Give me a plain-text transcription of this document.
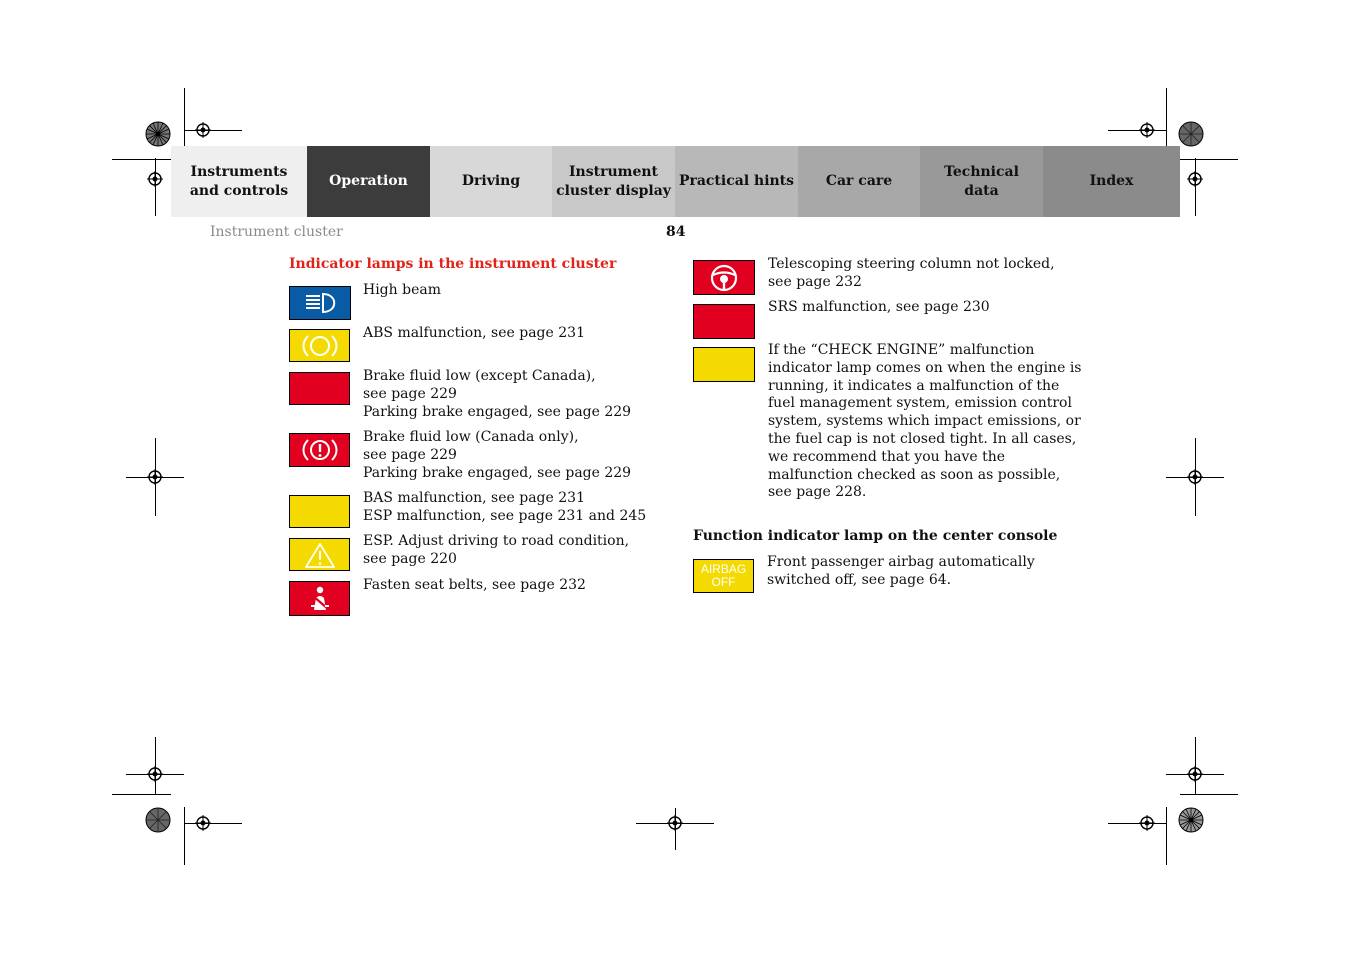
Instruments
and controls
Operation	Driving
Instrument
cluster display
Practical hints	Car care
Technical
data
Index
Instrument cluster	84
Indicator lamps in the instrument cluster
High beam
ABS malfunction, see page 231
Brake fluid low (except Canada),
see page 229
Parking brake engaged, see page 229
Brake fluid low (Canada only),
see page 229
Parking brake engaged, see page 229
BAS malfunction, see page 231
ESP malfunction, see page 231 and 245
ESP. Adjust driving to road condition,
see page 220
Fasten seat belts, see page 232
Telescoping steering column not locked,
see page 232
SRS malfunction, see page 230
If the “CHECK ENGINE” malfunction
indicator lamp comes on when the engine is
running, it indicates a malfunction of the
fuel management system, emission control
system, systems which impact emissions, or
the fuel cap is not closed tight. In all cases,
we recommend that you have the
malfunction checked as soon as possible,
see page 228.
Function indicator lamp on the center console
AIRBAG
OFF
Front passenger airbag automatically
switched off, see page 64.
